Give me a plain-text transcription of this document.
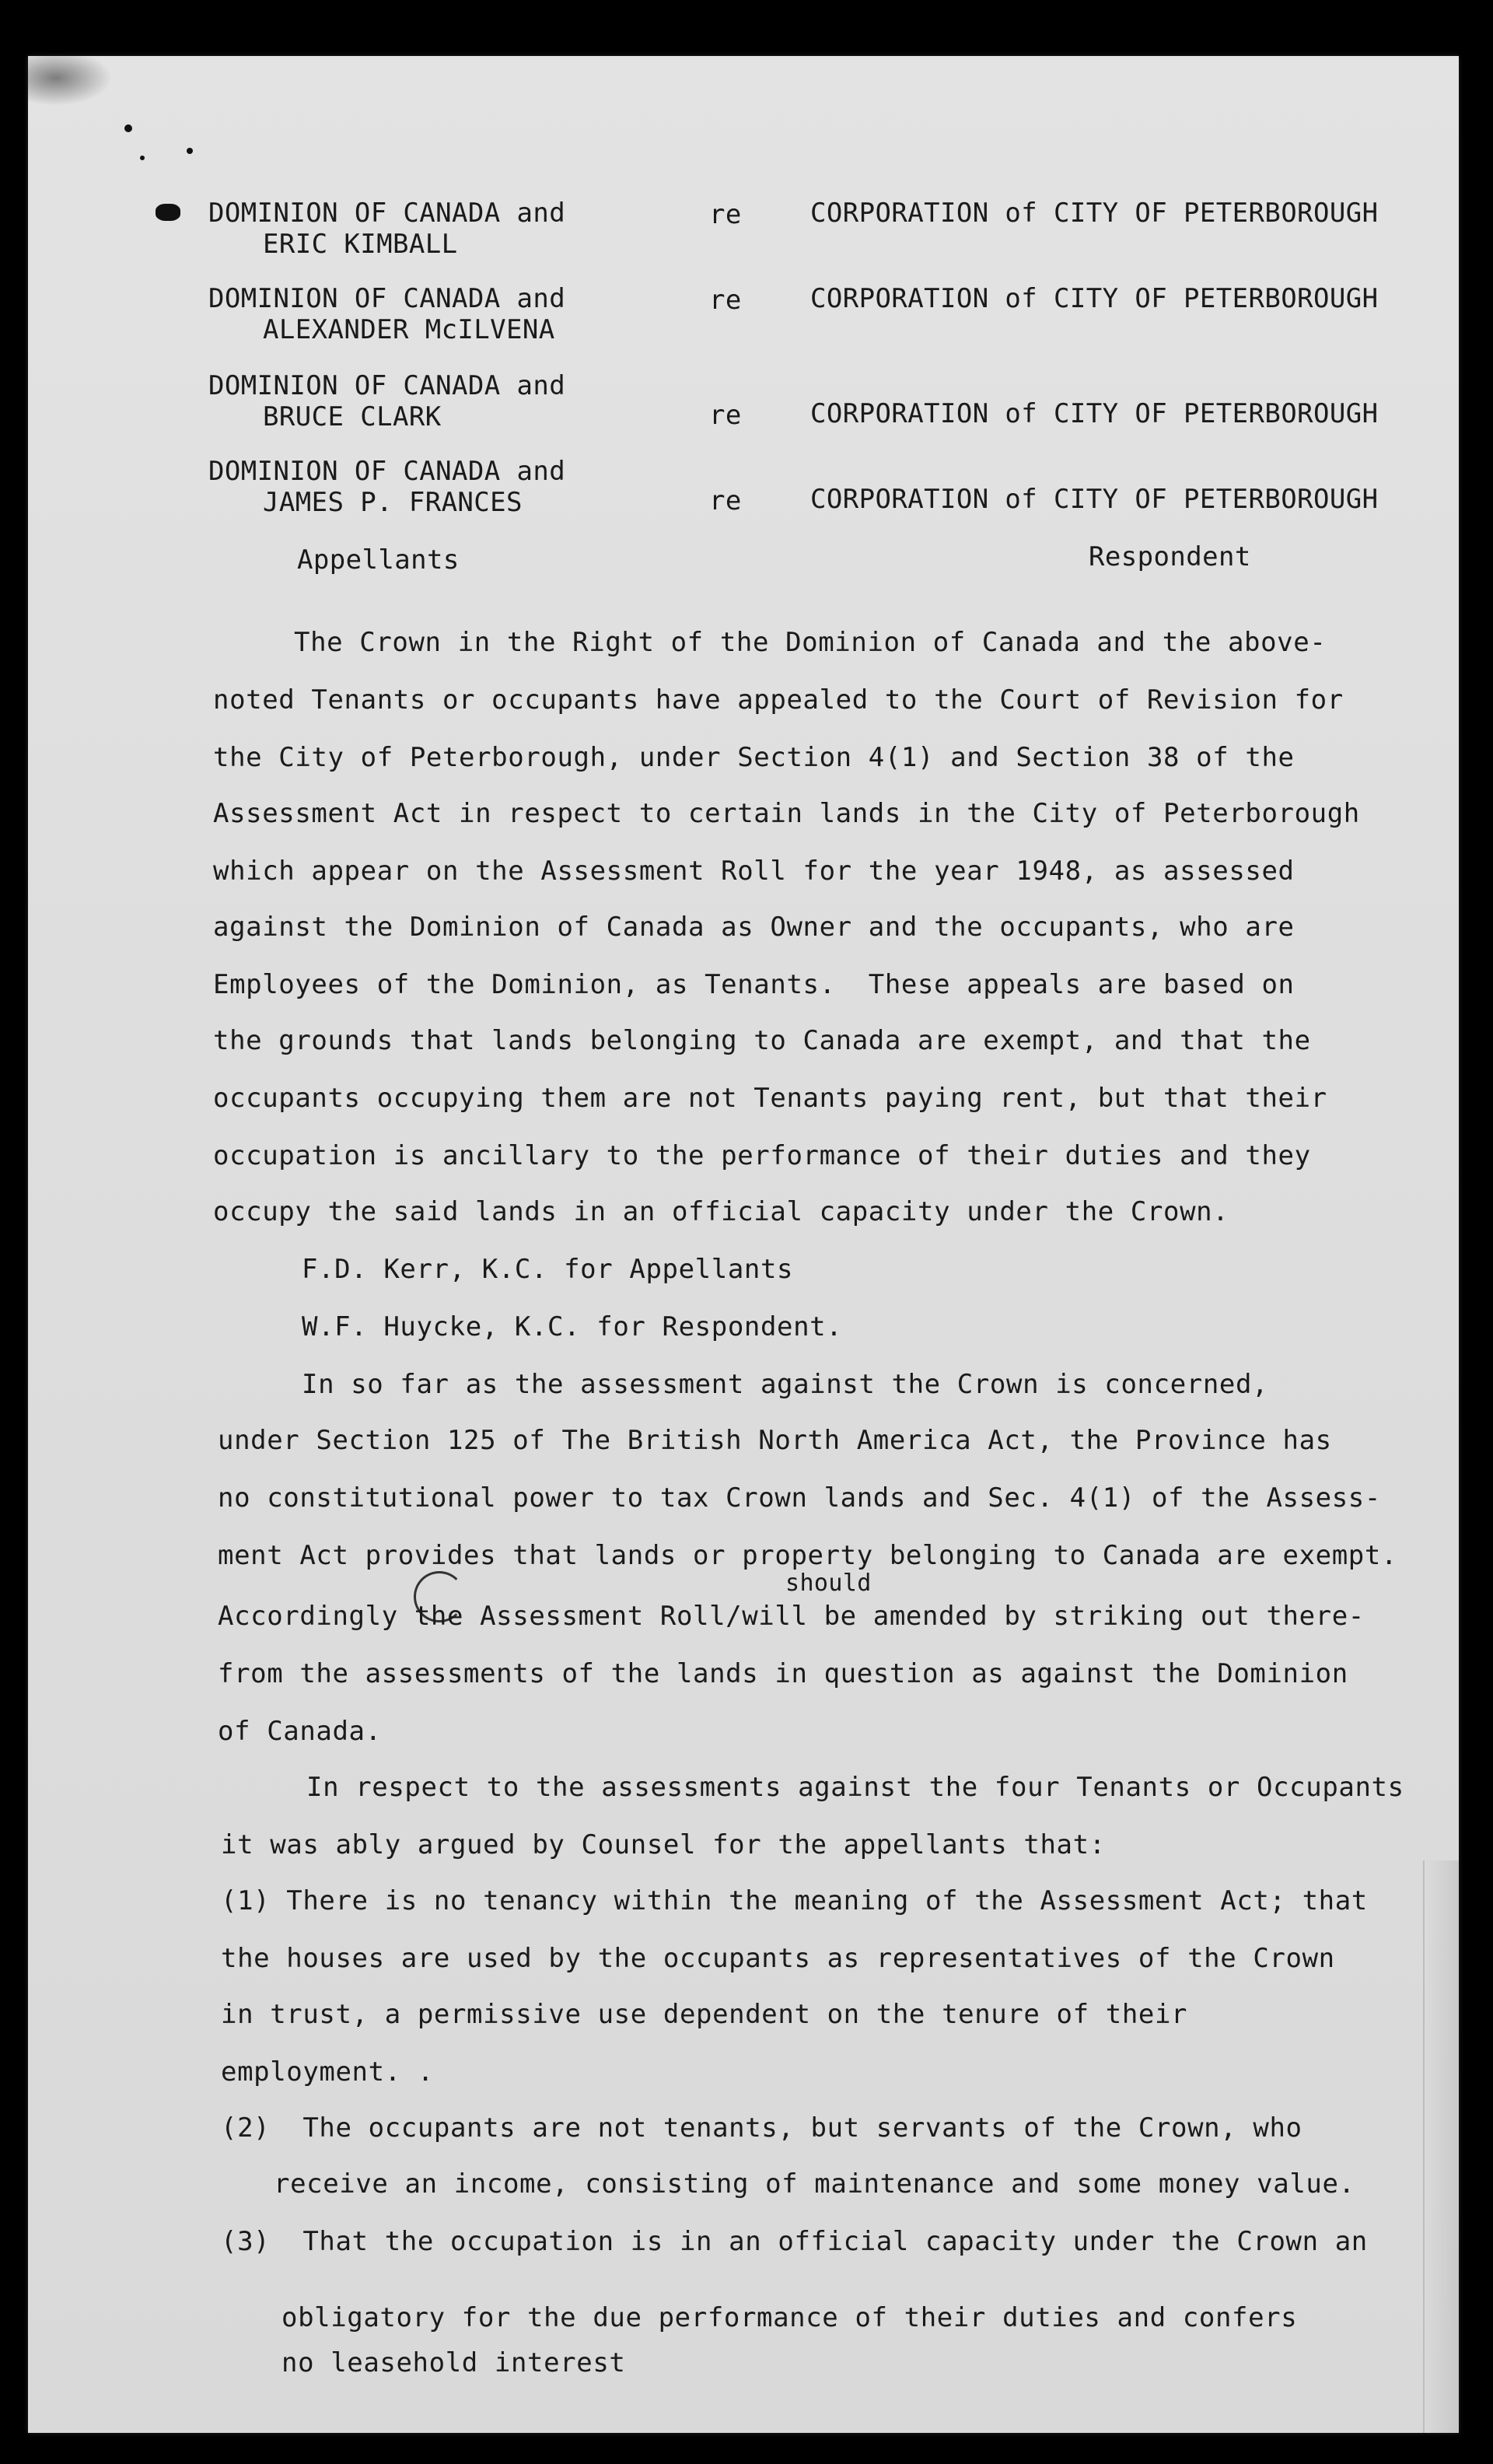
DOMINION OF CANADA and
ERIC KIMBALL
re	CORPORATION of CITY OF PETERBOROUGH
DOMINION OF CANADA and
ALEXANDER McILVENA
re	CORPORATION of CITY OF PETERBOROUGH
DOMINION OF CANADA and
BRUCE CLARK	re	CORPORATION of CITY OF PETERBOROUGH
DOMINION OF CANADA and
JAMES P. FRANCES	re	CORPORATION of CITY OF PETERBOROUGH
Appellants	Respondent
The Crown in the Right of the Dominion of Canada and the above-
noted Tenants or occupants have appealed to the Court of Revision for
the City of Peterborough, under Section 4(1) and Section 38 of the
Assessment Act in respect to certain lands in the City of Peterborough
which appear on the Assessment Roll for the year 1948, as assessed
against the Dominion of Canada as Owner and the occupants, who are
Employees of the Dominion, as Tenants.  These appeals are based on
the grounds that lands belonging to Canada are exempt, and that the
occupants occupying them are not Tenants paying rent, but that their
occupation is ancillary to the performance of their duties and they
occupy the said lands in an official capacity under the Crown.
F.D. Kerr, K.C. for Appellants
W.F. Huycke, K.C. for Respondent.
In so far as the assessment against the Crown is concerned,
under Section 125 of The British North America Act, the Province has
no constitutional power to tax Crown lands and Sec. 4(1) of the Assess-
ment Act provides that lands or property belonging to Canada are exempt.
should
Accordingly the Assessment Roll/will be amended by striking out there-
from the assessments of the lands in question as against the Dominion
of Canada.
In respect to the assessments against the four Tenants or Occupants
it was ably argued by Counsel for the appellants that:
(1) There is no tenancy within the meaning of the Assessment Act; that
the houses are used by the occupants as representatives of the Crown
in trust, a permissive use dependent on the tenure of their
employment. .
(2)  The occupants are not tenants, but servants of the Crown, who
receive an income, consisting of maintenance and some money value.
(3)  That the occupation is in an official capacity under the Crown an
obligatory for the due performance of their duties and confers
no leasehold interest
